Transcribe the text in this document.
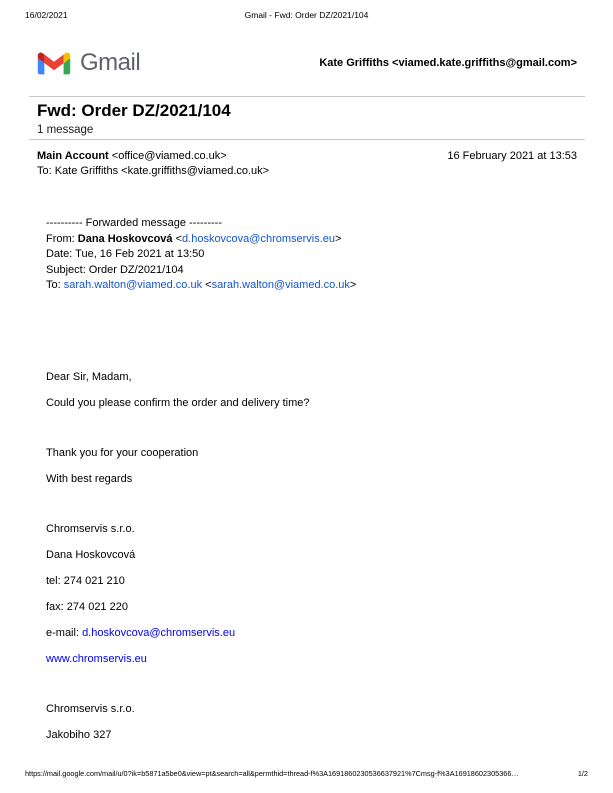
16/02/2021	Gmail - Fwd: Order DZ/2021/104
Gmail	Kate Griffiths <viamed.kate.griffiths@gmail.com>
Fwd: Order DZ/2021/104
1 message
Main Account <office@viamed.co.uk>
To: Kate Griffiths <kate.griffiths@viamed.co.uk>
16 February 2021 at 13:53
---------- Forwarded message ---------
From: Dana Hoskovcová <d.hoskovcova@chromservis.eu>
Date: Tue, 16 Feb 2021 at 13:50
Subject: Order DZ/2021/104
To: sarah.walton@viamed.co.uk <sarah.walton@viamed.co.uk>

Dear Sir, Madam,

Could you please confirm the order and delivery time?

Thank you for your cooperation

With best regards

Chromservis s.r.o.

Dana Hoskovcová

tel: 274 021 210

fax: 274 021 220

e-mail: d.hoskovcova@chromservis.eu

www.chromservis.eu

Chromservis s.r.o.

Jakobiho 327

https://mail.google.com/mail/u/0?ik=b5871a5be0&view=pt&search=all&permthid=thread-f%3A1691860230536637921%7Cmsg-f%3A16918602305366…	1/2
